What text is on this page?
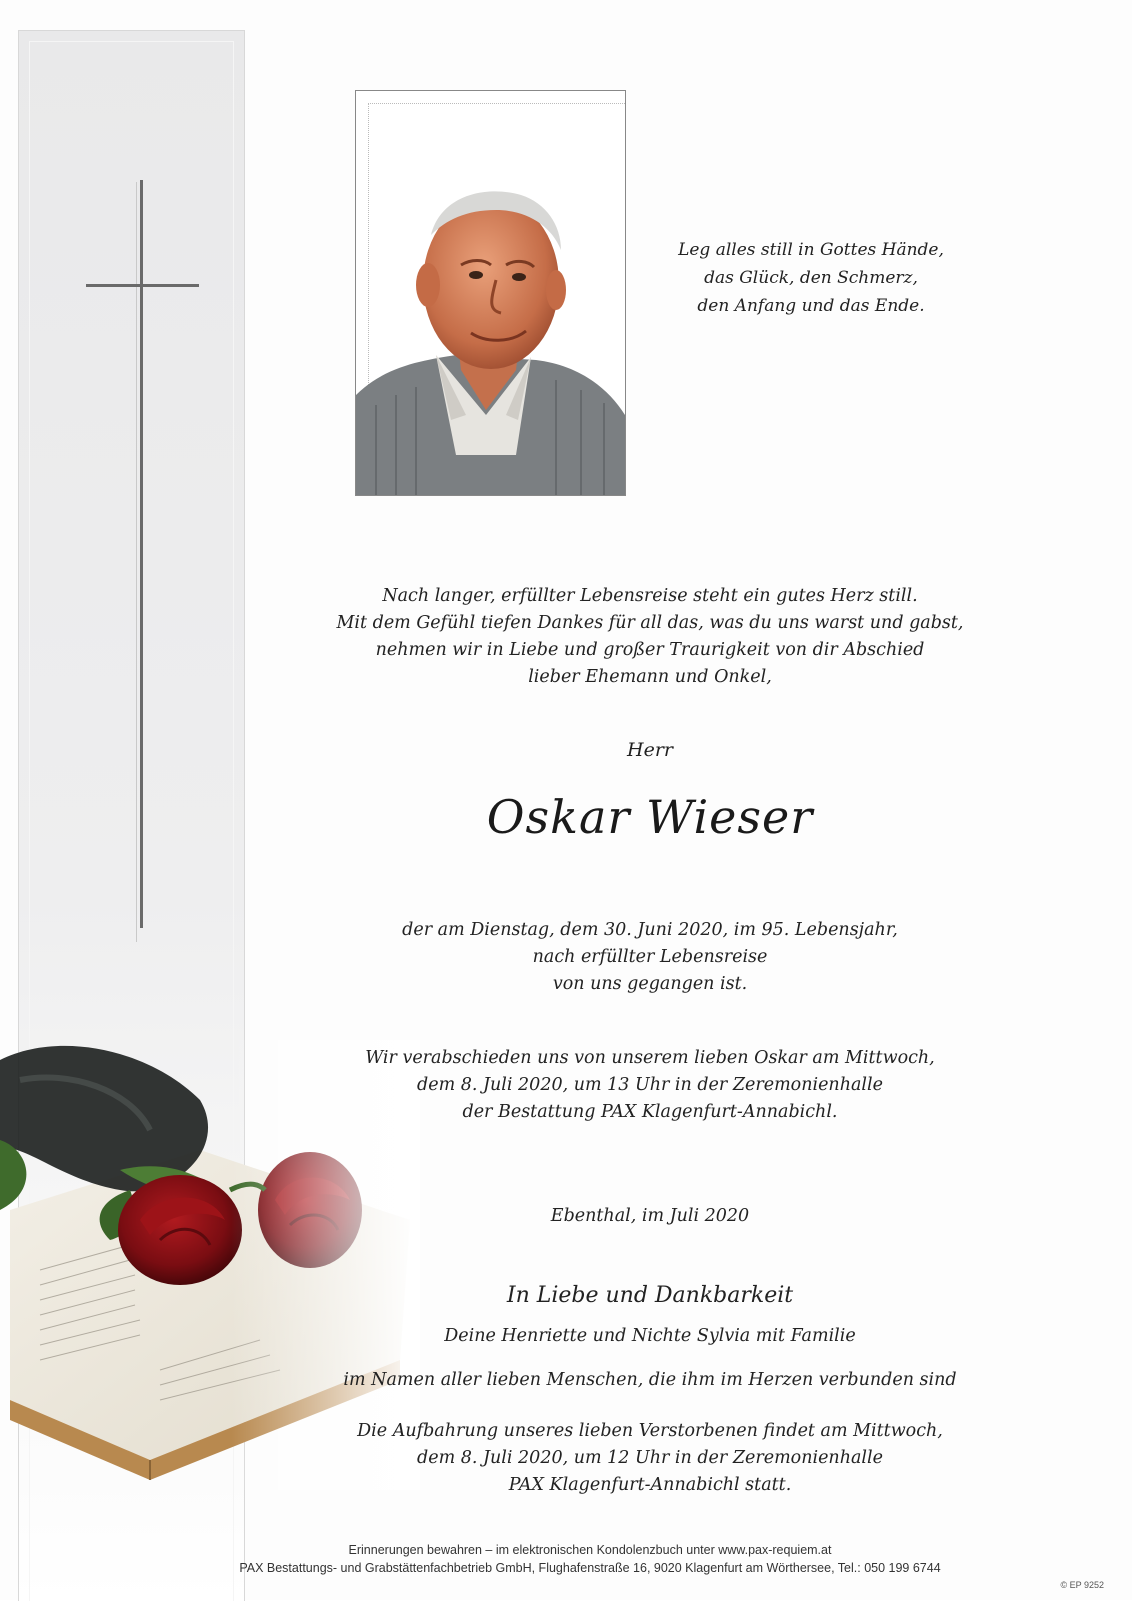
Leg alles still in Gottes Hände,
das Glück, den Schmerz,
den Anfang und das Ende.
Nach langer, erfüllter Lebensreise steht ein gutes Herz still.
Mit dem Gefühl tiefen Dankes für all das, was du uns warst und gabst,
nehmen wir in Liebe und großer Traurigkeit von dir Abschied
lieber Ehemann und Onkel,
Herr
Oskar Wieser
der am Dienstag, dem 30. Juni 2020, im 95. Lebensjahr,
nach erfüllter Lebensreise
von uns gegangen ist.
Wir verabschieden uns von unserem lieben Oskar am Mittwoch,
dem 8. Juli 2020, um 13 Uhr in der Zeremonienhalle
der Bestattung PAX Klagenfurt-Annabichl.
Ebenthal, im Juli 2020
In Liebe und Dankbarkeit
Deine Henriette und Nichte Sylvia mit Familie
im Namen aller lieben Menschen, die ihm im Herzen verbunden sind
Die Aufbahrung unseres lieben Verstorbenen findet am Mittwoch,
dem 8. Juli 2020, um 12 Uhr in der Zeremonienhalle
PAX Klagenfurt-Annabichl statt.
Erinnerungen bewahren – im elektronischen Kondolenzbuch unter www.pax-requiem.at
PAX Bestattungs- und Grabstättenfachbetrieb GmbH, Flughafenstraße 16, 9020 Klagenfurt am Wörthersee, Tel.: 050 199 6744
© EP 9252
